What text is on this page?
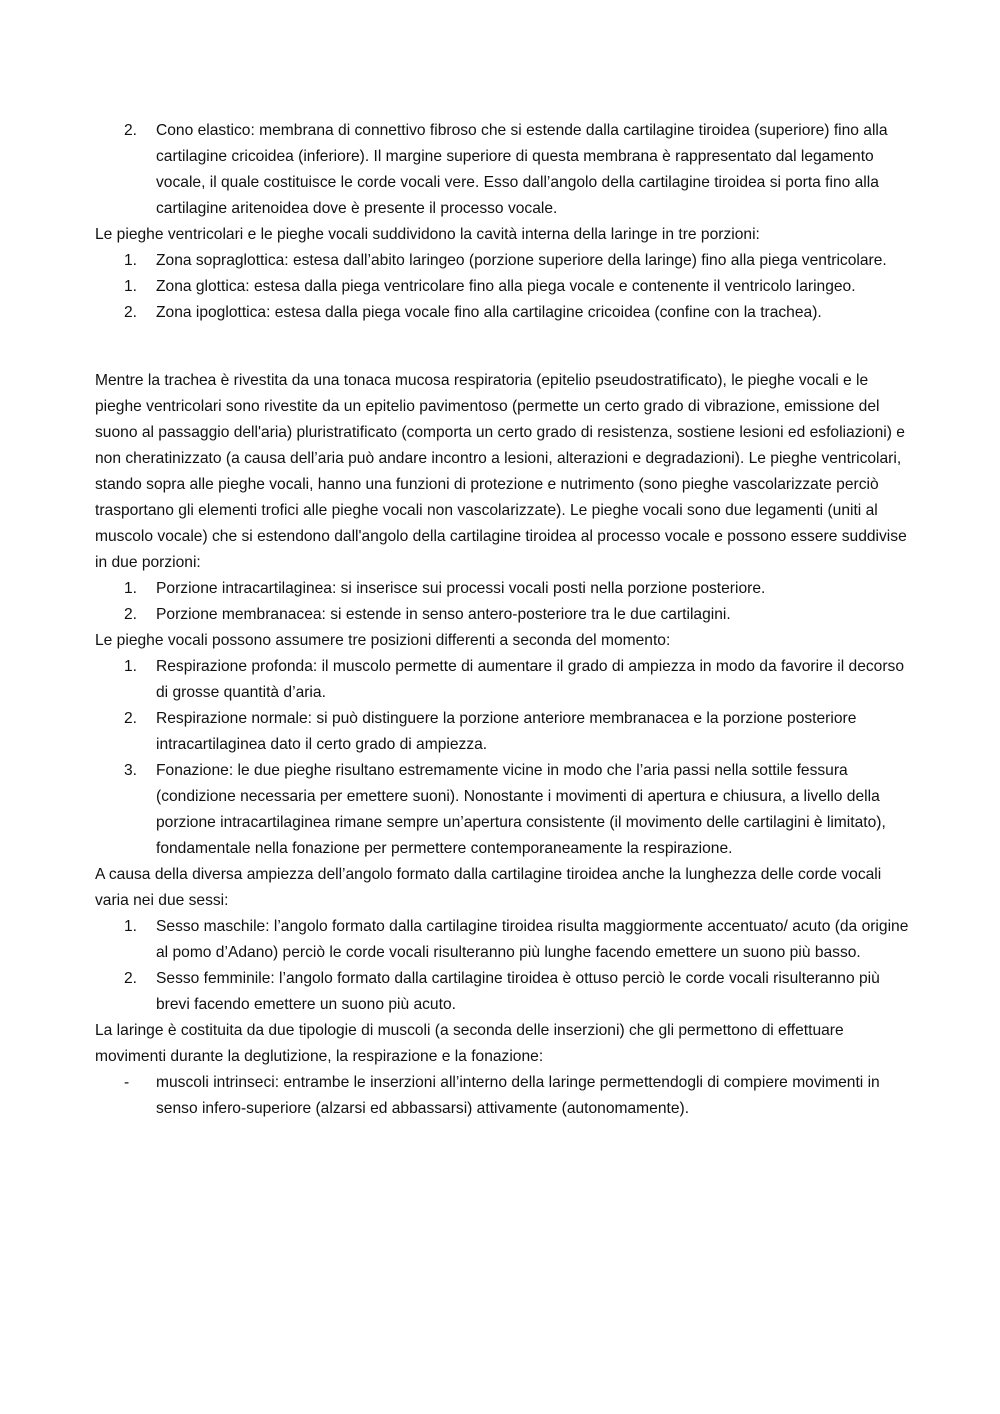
2.	Cono elastico: membrana di connettivo fibroso che si estende dalla cartilagine tiroidea (superiore) fino alla cartilagine cricoidea (inferiore). Il margine superiore di questa membrana è rappresentato dal legamento vocale, il quale costituisce le corde vocali vere. Esso dall’angolo della cartilagine tiroidea si porta fino alla cartilagine aritenoidea dove è presente il processo vocale.

Le pieghe ventricolari e le pieghe vocali suddividono la cavità interna della laringe in tre porzioni:

1.	Zona sopraglottica: estesa dall’abito laringeo (porzione superiore della laringe) fino alla piega ventricolare.
1.	Zona glottica: estesa dalla piega ventricolare fino alla piega vocale e contenente il ventricolo laringeo.
2.	Zona ipoglottica: estesa dalla piega vocale fino alla cartilagine cricoidea (confine con la trachea).

Mentre la trachea è rivestita da una tonaca mucosa respiratoria (epitelio pseudostratificato), le pieghe vocali e le pieghe ventricolari sono rivestite da un epitelio pavimentoso (permette un certo grado di vibrazione, emissione del suono al passaggio dell'aria) pluristratificato (comporta un certo grado di resistenza, sostiene lesioni ed esfoliazioni) e non cheratinizzato (a causa dell’aria può andare incontro a lesioni, alterazioni e degradazioni). Le pieghe ventricolari, stando sopra alle pieghe vocali, hanno una funzioni di protezione e nutrimento (sono pieghe vascolarizzate perciò trasportano gli elementi trofici alle pieghe vocali non vascolarizzate). Le pieghe vocali sono due legamenti (uniti al muscolo vocale) che si estendono dall'angolo della cartilagine tiroidea al processo vocale e possono essere suddivise in due porzioni:

1.	Porzione intracartilaginea: si inserisce sui processi vocali posti nella porzione posteriore.
2.	Porzione membranacea: si estende in senso antero-posteriore tra le due cartilagini.

Le pieghe vocali possono assumere tre posizioni differenti a seconda del momento:

1.	Respirazione profonda: il muscolo permette di aumentare il grado di ampiezza in modo da favorire il decorso di grosse quantità d’aria.
2.	Respirazione normale: si può distinguere la porzione anteriore membranacea e la porzione posteriore intracartilaginea dato il certo grado di ampiezza.
3.	Fonazione: le due pieghe risultano estremamente vicine in modo che l’aria passi nella sottile fessura (condizione necessaria per emettere suoni). Nonostante i movimenti di apertura e chiusura, a livello della porzione intracartilaginea rimane sempre un’apertura consistente (il movimento delle cartilagini è limitato), fondamentale nella fonazione per permettere contemporaneamente la respirazione.

A causa della diversa ampiezza dell’angolo formato dalla cartilagine tiroidea anche la lunghezza delle corde vocali varia nei due sessi:

1.	Sesso maschile: l’angolo formato dalla cartilagine tiroidea risulta maggiormente accentuato/ acuto (da origine al pomo d’Adano) perciò le corde vocali risulteranno più lunghe facendo emettere un suono più basso.
2.	Sesso femminile: l’angolo formato dalla cartilagine tiroidea è ottuso perciò le corde vocali risulteranno più brevi facendo emettere un suono più acuto.

La laringe è costituita da due tipologie di muscoli (a seconda delle inserzioni) che gli permettono di effettuare movimenti durante la deglutizione, la respirazione e la fonazione:

-	muscoli intrinseci: entrambe le inserzioni all’interno della laringe permettendogli di compiere movimenti in senso infero-superiore (alzarsi ed abbassarsi) attivamente (autonomamente).
